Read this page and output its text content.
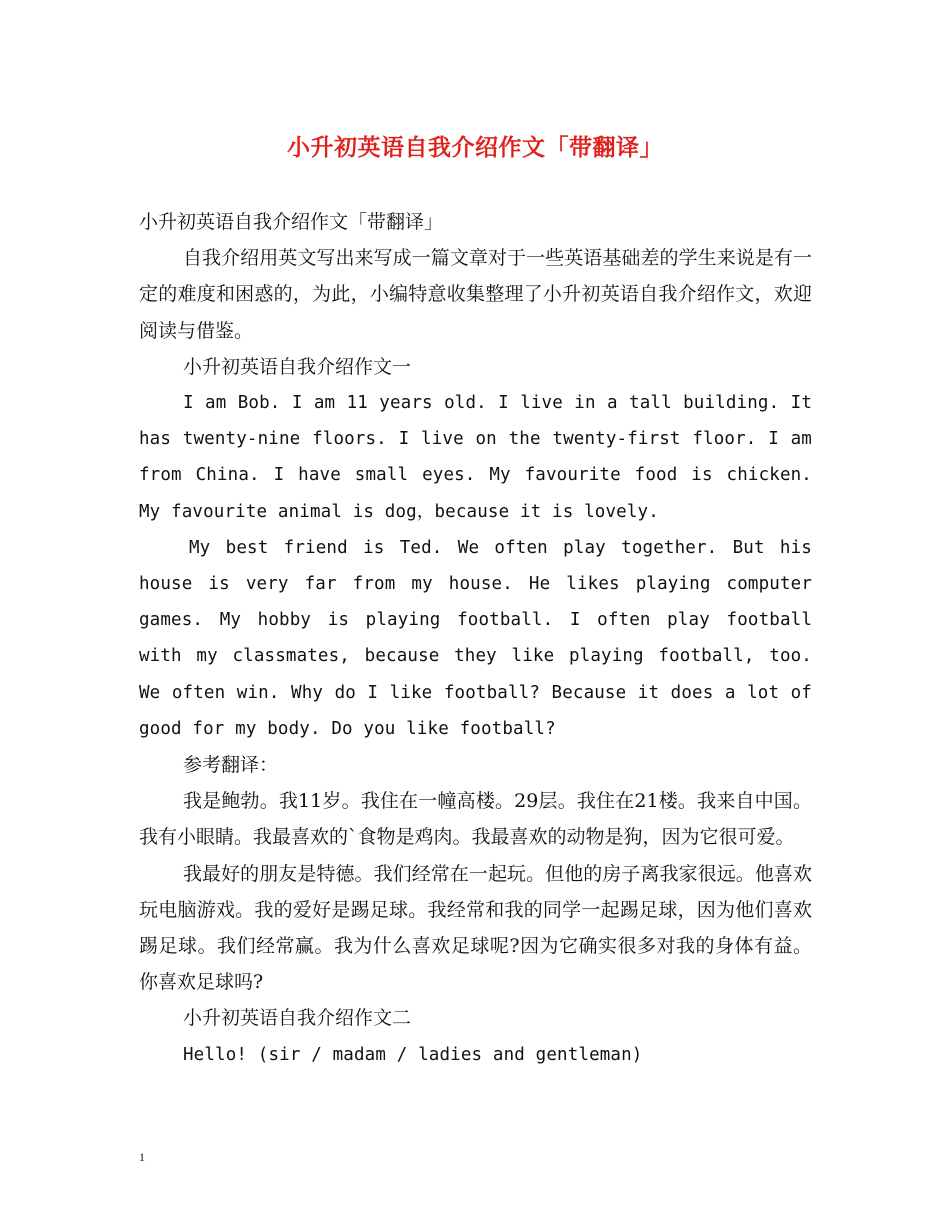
小升初英语自我介绍作文「带翻译」

小升初英语自我介绍作文「带翻译」

自我介绍用英文写出来写成一篇文章对于一些英语基础差的学生来说是有一定的难度和困惑的，为此，小编特意收集整理了小升初英语自我介绍作文，欢迎阅读与借鉴。

小升初英语自我介绍作文一

I am Bob. I am 11 years old. I live in a tall building. It has twenty-nine floors. I live on the twenty-first floor. I am from China. I have small eyes. My favourite food is chicken. My favourite animal is dog，because it is lovely.

My best friend is Ted. We often play together. But his house is very far from my house. He likes playing computer games. My hobby is playing football. I often play football with my classmates, because they like playing football, too. We often win. Why do I like football? Because it does a lot of good for my body. Do you like football?

参考翻译：

我是鲍勃。我11岁。我住在一幢高楼。29层。我住在21楼。我来自中国。我有小眼睛。我最喜欢的`食物是鸡肉。我最喜欢的动物是狗，因为它很可爱。

我最好的朋友是特德。我们经常在一起玩。但他的房子离我家很远。他喜欢玩电脑游戏。我的爱好是踢足球。我经常和我的同学一起踢足球，因为他们喜欢踢足球。我们经常赢。我为什么喜欢足球呢?因为它确实很多对我的身体有益。你喜欢足球吗?

小升初英语自我介绍作文二

Hello! (sir / madam / ladies and gentleman)

1
